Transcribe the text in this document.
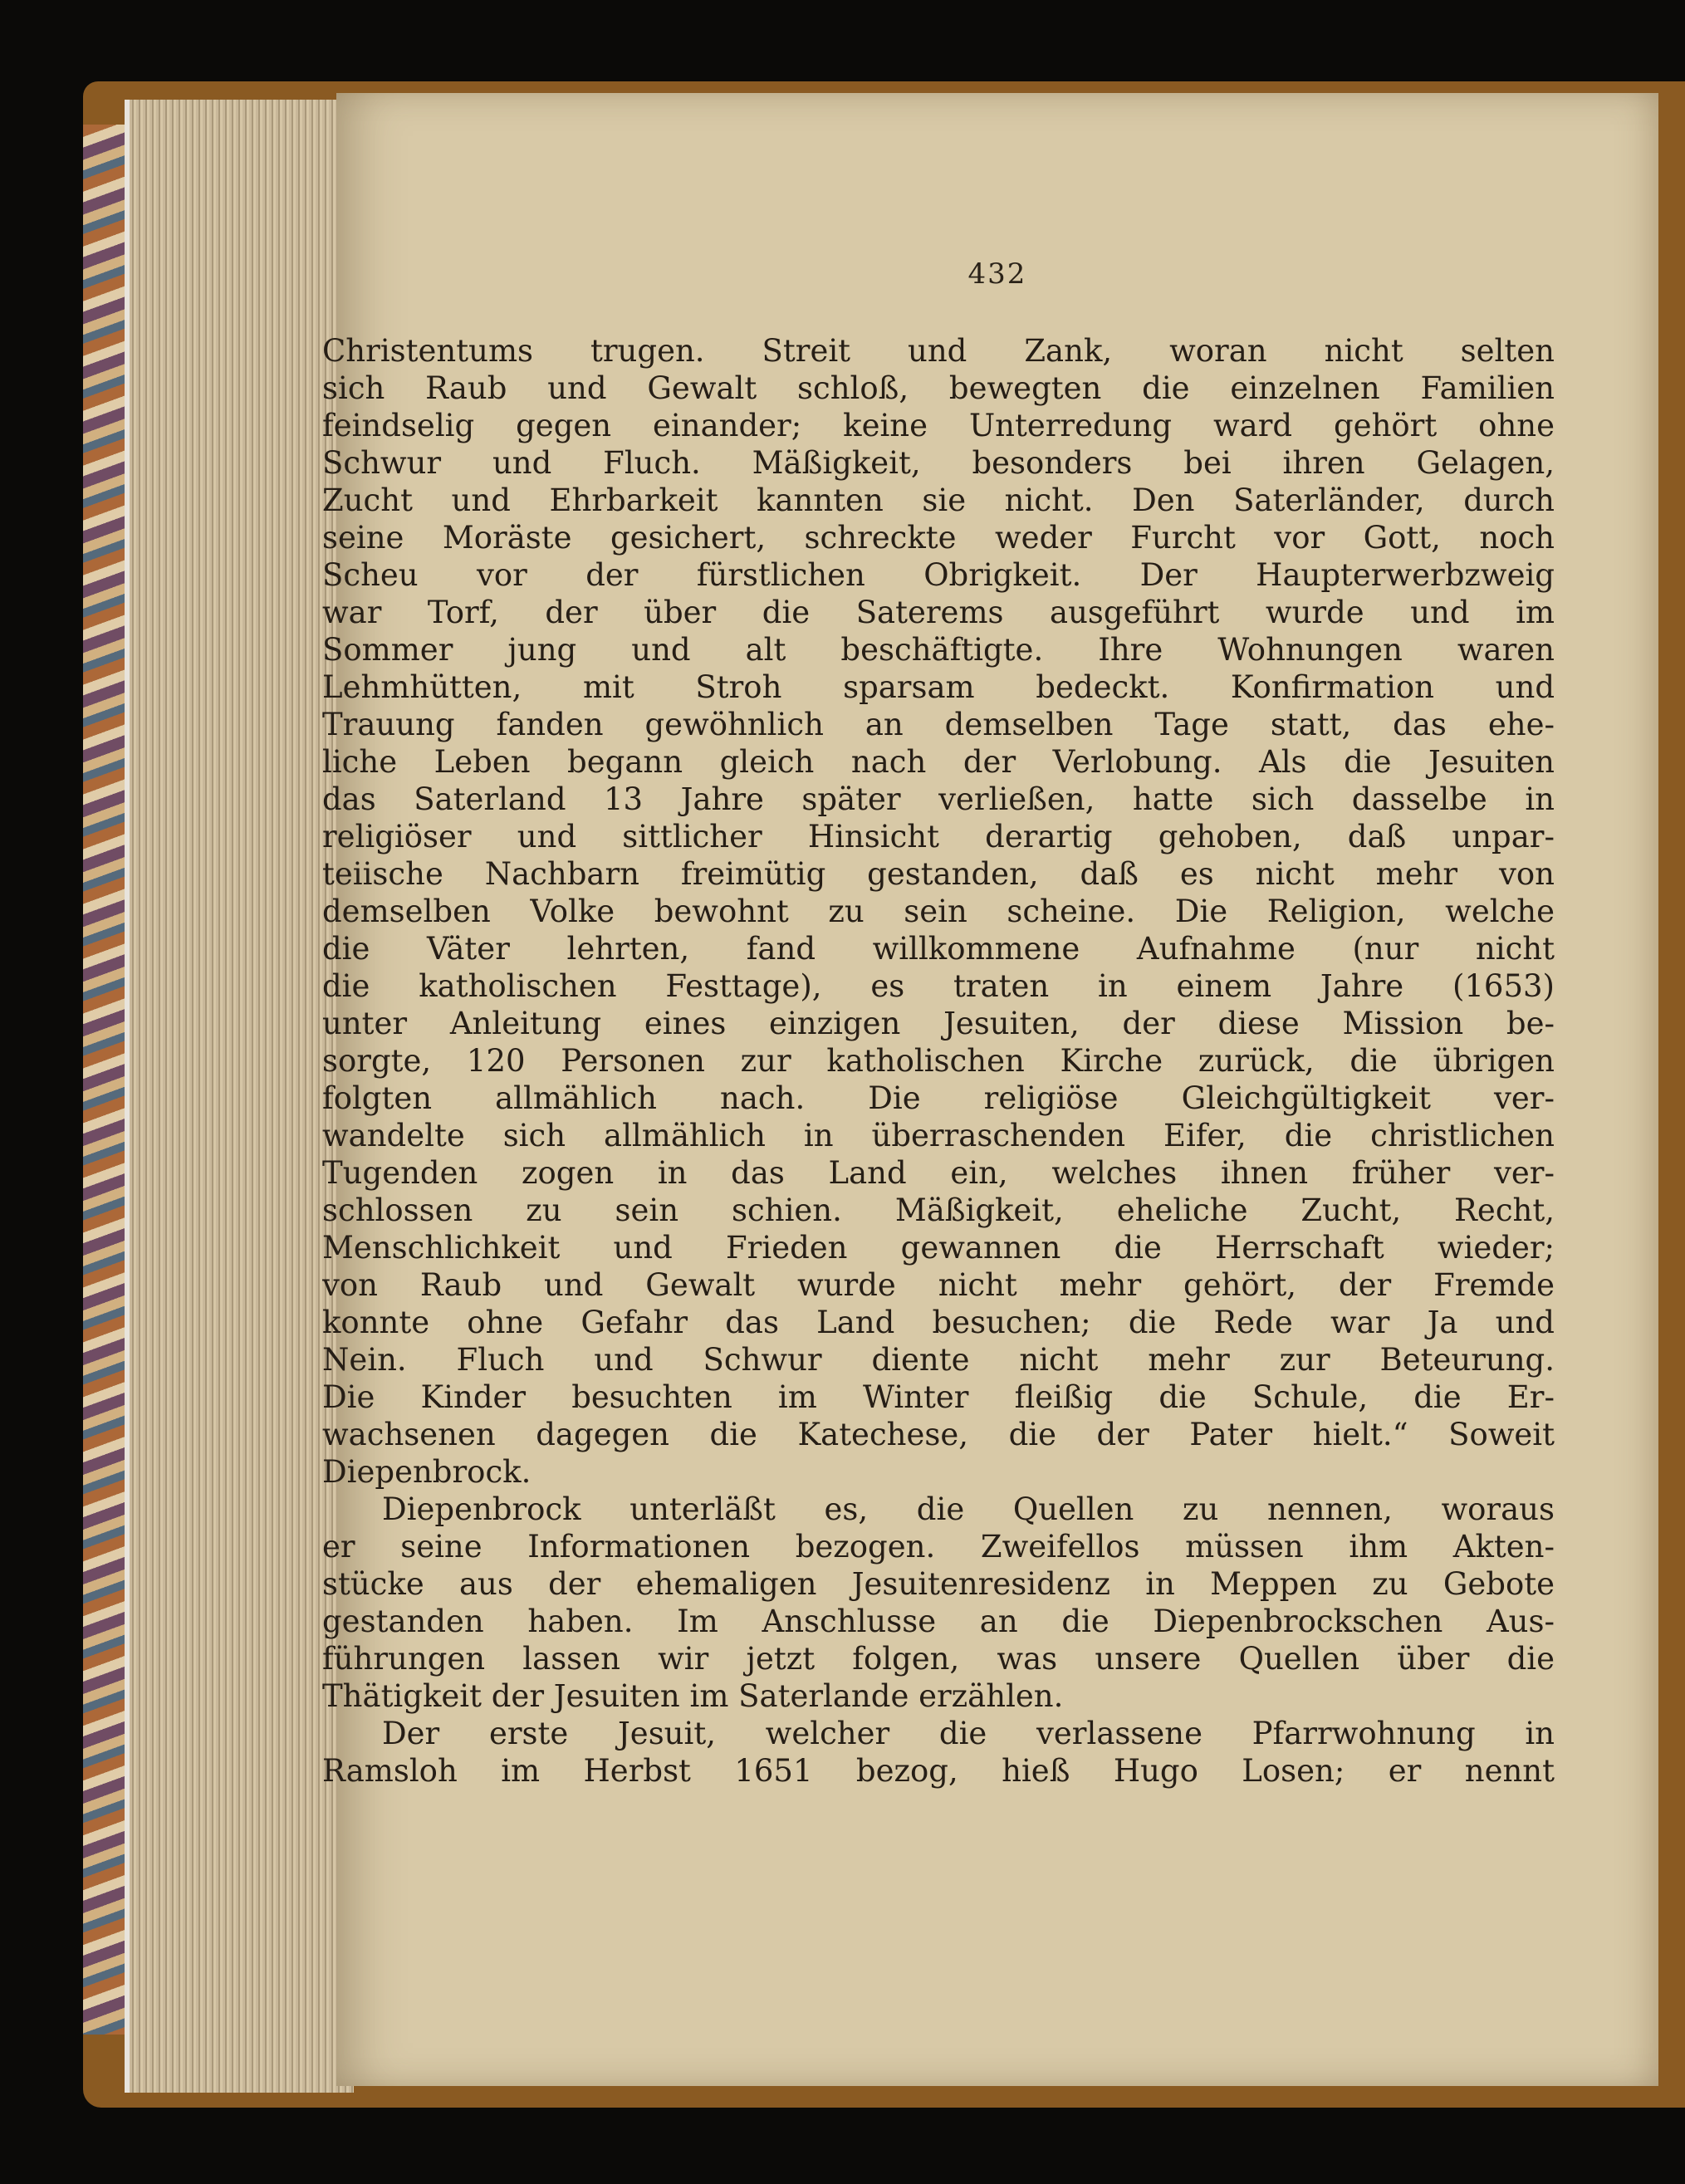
432
Christentums trugen. Streit und Zank, woran nicht selten
sich Raub und Gewalt schloß, bewegten die einzelnen Familien
feindselig gegen einander; keine Unterredung ward gehört ohne
Schwur und Fluch. Mäßigkeit, besonders bei ihren Gelagen,
Zucht und Ehrbarkeit kannten sie nicht. Den Saterländer, durch
seine Moräste gesichert, schreckte weder Furcht vor Gott, noch
Scheu vor der fürstlichen Obrigkeit. Der Haupterwerbzweig
war Torf, der über die Saterems ausgeführt wurde und im
Sommer jung und alt beschäftigte. Ihre Wohnungen waren
Lehmhütten, mit Stroh sparsam bedeckt. Konfirmation und
Trauung fanden gewöhnlich an demselben Tage statt, das ehe-
liche Leben begann gleich nach der Verlobung. Als die Jesuiten
das Saterland 13 Jahre später verließen, hatte sich dasselbe in
religiöser und sittlicher Hinsicht derartig gehoben, daß unpar-
teiische Nachbarn freimütig gestanden, daß es nicht mehr von
demselben Volke bewohnt zu sein scheine. Die Religion, welche
die Väter lehrten, fand willkommene Aufnahme (nur nicht
die katholischen Festtage), es traten in einem Jahre (1653)
unter Anleitung eines einzigen Jesuiten, der diese Mission be-
sorgte, 120 Personen zur katholischen Kirche zurück, die übrigen
folgten allmählich nach. Die religiöse Gleichgültigkeit ver-
wandelte sich allmählich in überraschenden Eifer, die christlichen
Tugenden zogen in das Land ein, welches ihnen früher ver-
schlossen zu sein schien. Mäßigkeit, eheliche Zucht, Recht,
Menschlichkeit und Frieden gewannen die Herrschaft wieder;
von Raub und Gewalt wurde nicht mehr gehört, der Fremde
konnte ohne Gefahr das Land besuchen; die Rede war Ja und
Nein. Fluch und Schwur diente nicht mehr zur Beteurung.
Die Kinder besuchten im Winter fleißig die Schule, die Er-
wachsenen dagegen die Katechese, die der Pater hielt.“ Soweit
Diepenbrock.
Diepenbrock unterläßt es, die Quellen zu nennen, woraus
er seine Informationen bezogen. Zweifellos müssen ihm Akten-
stücke aus der ehemaligen Jesuitenresidenz in Meppen zu Gebote
gestanden haben. Im Anschlusse an die Diepenbrockschen Aus-
führungen lassen wir jetzt folgen, was unsere Quellen über die
Thätigkeit der Jesuiten im Saterlande erzählen.
Der erste Jesuit, welcher die verlassene Pfarrwohnung in
Ramsloh im Herbst 1651 bezog, hieß Hugo Losen; er nennt
